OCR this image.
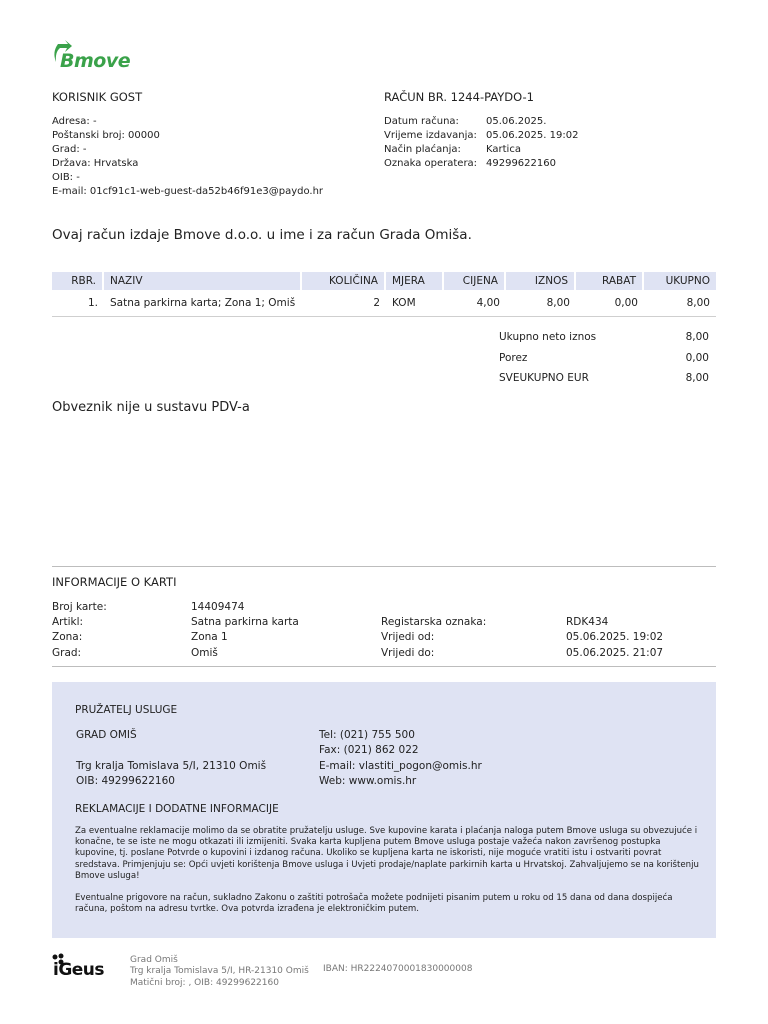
Bmove
KORISNIK GOST
Adresa: -
Poštanski broj: 00000
Grad: -
Država: Hrvatska
OIB: -
E-mail: 01cf91c1-web-guest-da52b46f91e3@paydo.hr
RAČUN BR. 1244-PAYDO-1
Datum računa:	05.06.2025.
Vrijeme izdavanja: 05.06.2025. 19:02
Način plaćanja:	Kartica
Oznaka operatera: 49299622160
Ovaj račun izdaje Bmove d.o.o. u ime i za račun Grada Omiša.
RBR.	NAZIV	KOLIČINA	MJERA	CIJENA	IZNOS	RABAT	UKUPNO
1.	Satna parkirna karta; Zona 1; Omiš	2	KOM	4,00	8,00	0,00	8,00
Ukupno neto iznos	8,00
Porez	0,00
SVEUKUPNO EUR	8,00
Obveznik nije u sustavu PDV-a
INFORMACIJE O KARTI
Broj karte:	14409474
Artikl:	Satna parkirna karta	Registarska oznaka:	RDK434
Zona:	Zona 1	Vrijedi od:	05.06.2025. 19:02
Grad:	Omiš	Vrijedi do:	05.06.2025. 21:07
PRUŽATELJ USLUGE
GRAD OMIŠ
Trg kralja Tomislava 5/I, 21310 Omiš
OIB: 49299622160
Tel: (021) 755 500
Fax: (021) 862 022
E-mail: vlastiti_pogon@omis.hr
Web: www.omis.hr
REKLAMACIJE I DODATNE INFORMACIJE
Za eventualne reklamacije molimo da se obratite pružatelju usluge. Sve kupovine karata i plaćanja naloga putem Bmove usluga su obvezujuće i konačne, te se iste ne mogu otkazati ili izmijeniti. Svaka karta kupljena putem Bmove usluga postaje važeća nakon završenog postupka kupovine, tj. poslane Potvrde o kupovini i izdanog računa. Ukoliko se kupljena karta ne iskoristi, nije moguće vratiti istu i ostvariti povrat sredstava. Primjenjuju se: Opći uvjeti korištenja Bmove usluga i Uvjeti prodaje/naplate parkirnih karta u Hrvatskoj. Zahvaljujemo se na korištenju Bmove usluga!
Eventualne prigovore na račun, sukladno Zakonu o zaštiti potrošača možete podnijeti pisanim putem u roku od 15 dana od dana dospijeća računa, poštom na adresu tvrtke. Ova potvrda izrađena je elektroničkim putem.
iGeus	Grad Omiš
Trg kralja Tomislava 5/I, HR-21310 Omiš
Matični broj: , OIB: 49299622160
IBAN: HR2224070001830000008
